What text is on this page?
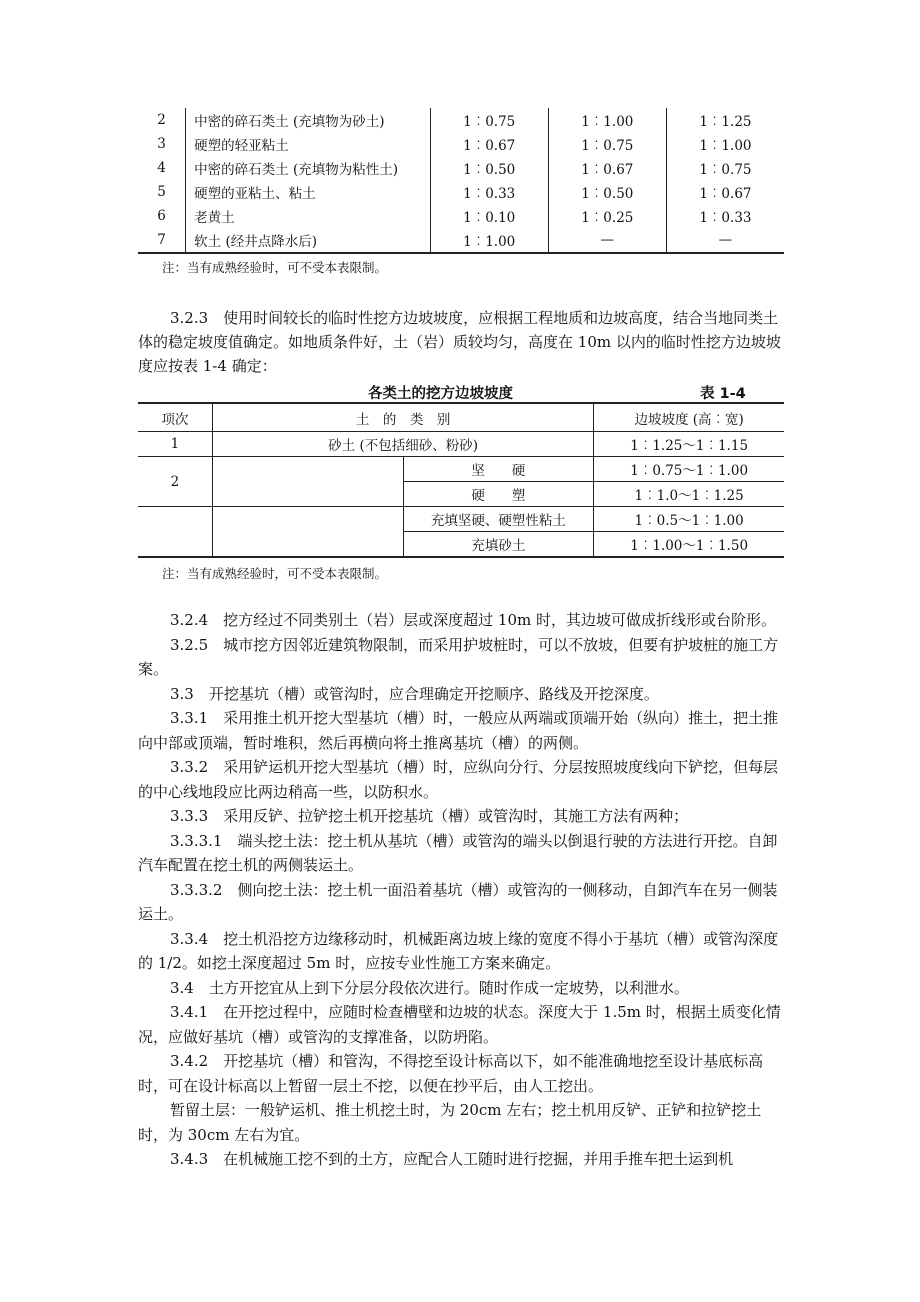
2	中密的碎石类土 (充填物为砂土)	1︰0.75	1︰1.00	1︰1.25
3	硬塑的轻亚粘土	1︰0.67	1︰0.75	1︰1.00
4	中密的碎石类土 (充填物为粘性土)	1︰0.50	1︰0.67	1︰0.75
5	硬塑的亚粘土、粘土	1︰0.33	1︰0.50	1︰0.67
6	老黄土	1︰0.10	1︰0.25	1︰0.33
7	软土 (经井点降水后)	1︰1.00	—	—
注：当有成熟经验时，可不受本表限制。

3.2.3　使用时间较长的临时性挖方边坡坡度，应根据工程地质和边坡高度，结合当地同类土体的稳定坡度值确定。如地质条件好，土（岩）质较均匀，高度在 10m 以内的临时性挖方边坡坡度应按表 1-4 确定：

各类土的挖方边坡坡度	表 1-4
项次	土　的　类　别		边坡坡度 (高︰宽)
1	砂土 (不包括细砂、粉砂)		1︰1.25～1︰1.15
2		坚　　硬	1︰0.75～1︰1.00
		硬　　塑	1︰1.0～1︰1.25
		充填坚硬、硬塑性粘土	1︰0.5～1︰1.00
		充填砂土	1︰1.00～1︰1.50
注：当有成熟经验时，可不受本表限制。

3.2.4　挖方经过不同类别土（岩）层或深度超过 10m 时，其边坡可做成折线形或台阶形。

3.2.5　城市挖方因邻近建筑物限制，而采用护坡桩时，可以不放坡，但要有护坡桩的施工方案。

3.3　开挖基坑（槽）或管沟时，应合理确定开挖顺序、路线及开挖深度。

3.3.1　采用推土机开挖大型基坑（槽）时，一般应从两端或顶端开始（纵向）推土，把土推向中部或顶端，暂时堆积，然后再横向将土推离基坑（槽）的两侧。

3.3.2　采用铲运机开挖大型基坑（槽）时，应纵向分行、分层按照坡度线向下铲挖，但每层的中心线地段应比两边稍高一些，以防积水。

3.3.3　采用反铲、拉铲挖土机开挖基坑（槽）或管沟时，其施工方法有两种；

3.3.3.1　端头挖土法：挖土机从基坑（槽）或管沟的端头以倒退行驶的方法进行开挖。自卸汽车配置在挖土机的两侧装运土。

3.3.3.2　侧向挖土法：挖土机一面沿着基坑（槽）或管沟的一侧移动，自卸汽车在另一侧装运土。

3.3.4　挖土机沿挖方边缘移动时，机械距离边坡上缘的宽度不得小于基坑（槽）或管沟深度的 1/2。如挖土深度超过 5m 时，应按专业性施工方案来确定。

3.4　土方开挖宜从上到下分层分段依次进行。随时作成一定坡势，以利泄水。

3.4.1　在开挖过程中，应随时检查槽壁和边坡的状态。深度大于 1.5m 时，根据土质变化情况，应做好基坑（槽）或管沟的支撑准备，以防坍陷。

3.4.2　开挖基坑（槽）和管沟，不得挖至设计标高以下，如不能准确地挖至设计基底标高时，可在设计标高以上暂留一层土不挖，以便在抄平后，由人工挖出。

暂留土层：一般铲运机、推土机挖土时，为 20cm 左右；挖土机用反铲、正铲和拉铲挖土时，为 30cm 左右为宜。

3.4.3　在机械施工挖不到的土方，应配合人工随时进行挖掘，并用手推车把土运到机
